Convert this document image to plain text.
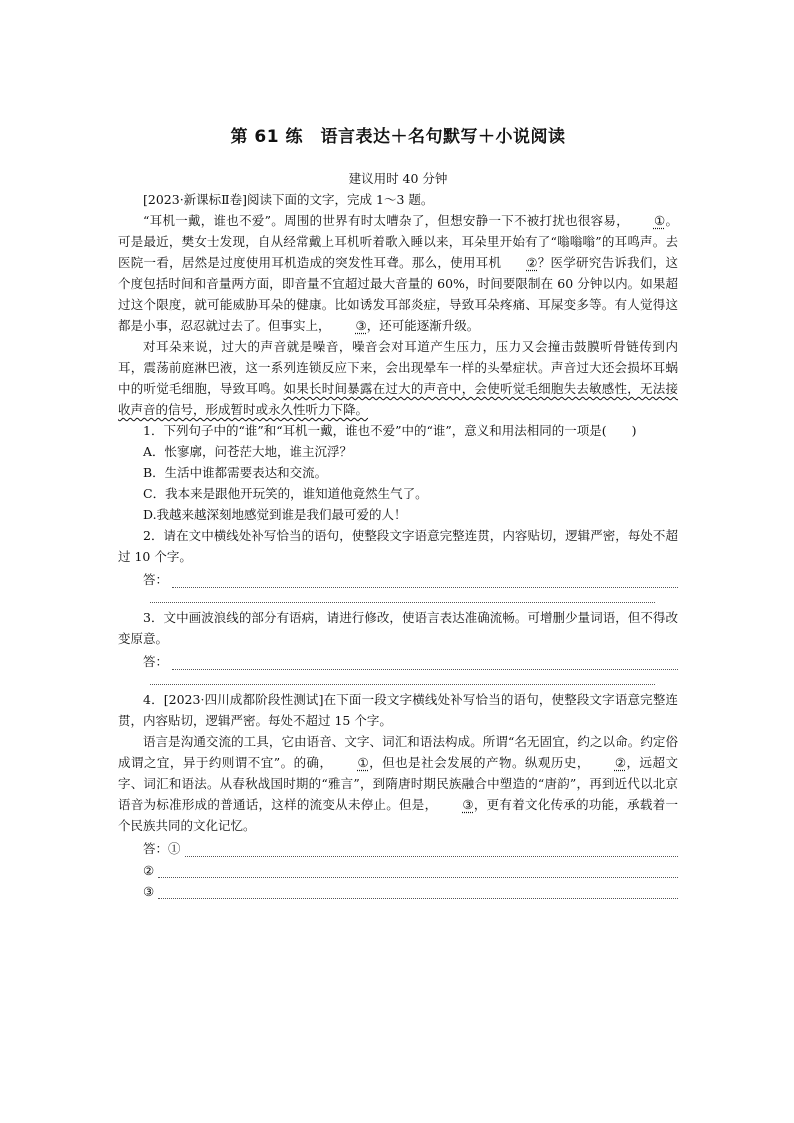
第 61 练　语言表达＋名句默写＋小说阅读
建议用时 40 分钟

[2023·新课标Ⅱ卷]阅读下面的文字，完成 1～3 题。

“耳机一戴，谁也不爱”。周围的世界有时太嘈杂了，但想安静一下不被打扰也很容易， ①。可是最近，樊女士发现，自从经常戴上耳机听着歌入睡以来，耳朵里开始有了“嗡嗡嗡”的耳鸣声。去医院一看，居然是过度使用耳机造成的突发性耳聋。那么，使用耳机 ②？医学研究告诉我们，这个度包括时间和音量两方面，即音量不宜超过最大音量的 60%，时间要限制在 60 分钟以内。如果超过这个限度，就可能威胁耳朵的健康。比如诱发耳部炎症，导致耳朵疼痛、耳屎变多等。有人觉得这都是小事，忍忍就过去了。但事实上， ③，还可能逐渐升级。

对耳朵来说，过大的声音就是噪音，噪音会对耳道产生压力，压力又会撞击鼓膜听骨链传到内耳，震荡前庭淋巴液，这一系列连锁反应下来，会出现晕车一样的头晕症状。声音过大还会损坏耳蜗中的听觉毛细胞，导致耳鸣。如果长时间暴露在过大的声音中，会使听觉毛细胞失去敏感性，无法接收声音的信号，形成暂时或永久性听力下降。

1．下列句子中的“谁”和“耳机一戴，谁也不爱”中的“谁”，意义和用法相同的一项是(　　)

A．怅寥廓，问苍茫大地，谁主沉浮？

B．生活中谁都需要表达和交流。

C．我本来是跟他开玩笑的，谁知道他竟然生气了。

D.我越来越深刻地感觉到谁是我们最可爱的人！

2．请在文中横线处补写恰当的语句，使整段文字语意完整连贯，内容贴切，逻辑严密，每处不超过 10 个字。

答：

3．文中画波浪线的部分有语病，请进行修改，使语言表达准确流畅。可增删少量词语，但不得改变原意。

答：

4．[2023·四川成都阶段性测试]在下面一段文字横线处补写恰当的语句，使整段文字语意完整连贯，内容贴切，逻辑严密。每处不超过 15 个字。

语言是沟通交流的工具，它由语音、文字、词汇和语法构成。所谓“名无固宜，约之以命。约定俗成谓之宜，异于约则谓不宜”。的确， ①，但也是社会发展的产物。纵观历史， ②，远超文字、词汇和语法。从春秋战国时期的“雅言”，到隋唐时期民族融合中塑造的“唐韵”，再到近代以北京语音为标准形成的普通话，这样的流变从未停止。但是， ③，更有着文化传承的功能，承载着一个民族共同的文化记忆。

答：①
②
③
